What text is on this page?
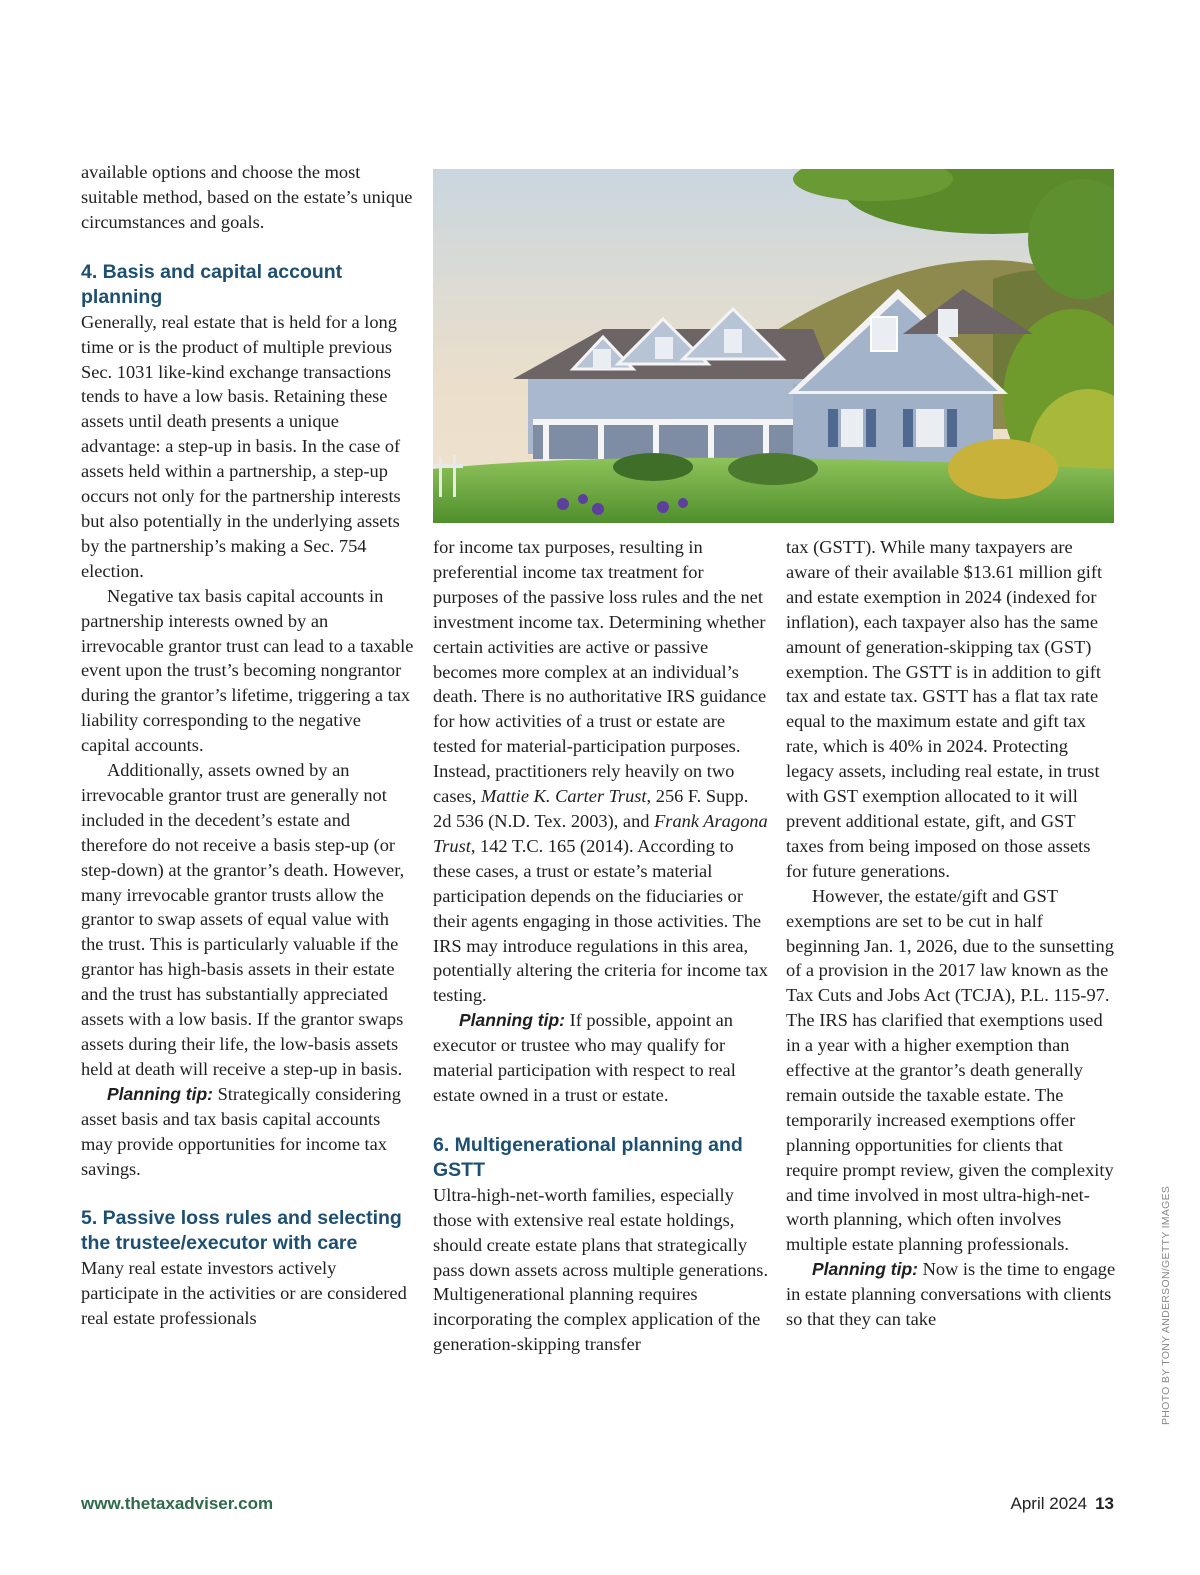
available options and choose the most suitable method, based on the estate’s unique circumstances and goals.

4. Basis and capital account planning

Generally, real estate that is held for a long time or is the product of multiple previous Sec. 1031 like-kind exchange transactions tends to have a low basis. Retaining these assets until death presents a unique advantage: a step-up in basis. In the case of assets held within a partnership, a step-up occurs not only for the partnership interests but also potentially in the underlying assets by the partnership’s making a Sec. 754 election.

Negative tax basis capital accounts in partnership interests owned by an irrevocable grantor trust can lead to a taxable event upon the trust’s becoming nongrantor during the grantor’s lifetime, triggering a tax liability corresponding to the negative capital accounts.

Additionally, assets owned by an irrevocable grantor trust are generally not included in the decedent’s estate and therefore do not receive a basis step-up (or step-down) at the grantor’s death. However, many irrevocable grantor trusts allow the grantor to swap assets of equal value with the trust. This is particularly valuable if the grantor has high-basis assets in their estate and the trust has substantially appreciated assets with a low basis. If the grantor swaps assets during their life, the low-basis assets held at death will receive a step-up in basis.

Planning tip: Strategically considering asset basis and tax basis capital accounts may provide opportunities for income tax savings.

5. Passive loss rules and selecting the trustee/executor with care

Many real estate investors actively participate in the activities or are considered real estate professionals

for income tax purposes, resulting in preferential income tax treatment for purposes of the passive loss rules and the net investment income tax. Determining whether certain activities are active or passive becomes more complex at an individual’s death. There is no authoritative IRS guidance for how activities of a trust or estate are tested for material-participation purposes. Instead, practitioners rely heavily on two cases, Mattie K. Carter Trust, 256 F. Supp. 2d 536 (N.D. Tex. 2003), and Frank Aragona Trust, 142 T.C. 165 (2014). According to these cases, a trust or estate’s material participation depends on the fiduciaries or their agents engaging in those activities. The IRS may introduce regulations in this area, potentially altering the criteria for income tax testing.

Planning tip: If possible, appoint an executor or trustee who may qualify for material participation with respect to real estate owned in a trust or estate.

6. Multigenerational planning and GSTT

Ultra-high-net-worth families, especially those with extensive real estate holdings, should create estate plans that strategically pass down assets across multiple generations. Multigenerational planning requires incorporating the complex application of the generation-skipping transfer

tax (GSTT). While many taxpayers are aware of their available $13.61 million gift and estate exemption in 2024 (indexed for inflation), each taxpayer also has the same amount of generation-skipping tax (GST) exemption. The GSTT is in addition to gift tax and estate tax. GSTT has a flat tax rate equal to the maximum estate and gift tax rate, which is 40% in 2024. Protecting legacy assets, including real estate, in trust with GST exemption allocated to it will prevent additional estate, gift, and GST taxes from being imposed on those assets for future generations.

However, the estate/gift and GST exemptions are set to be cut in half beginning Jan. 1, 2026, due to the sunsetting of a provision in the 2017 law known as the Tax Cuts and Jobs Act (TCJA), P.L. 115-97. The IRS has clarified that exemptions used in a year with a higher exemption than effective at the grantor’s death generally remain outside the taxable estate. The temporarily increased exemptions offer planning opportunities for clients that require prompt review, given the complexity and time involved in most ultra-high-net-worth planning, which often involves multiple estate planning professionals.

Planning tip: Now is the time to engage in estate planning conversations with clients so that they can take	PHOTO BY TONY ANDERSON/GETTY IMAGES
www.thetaxadviser.com	April 2024 13
